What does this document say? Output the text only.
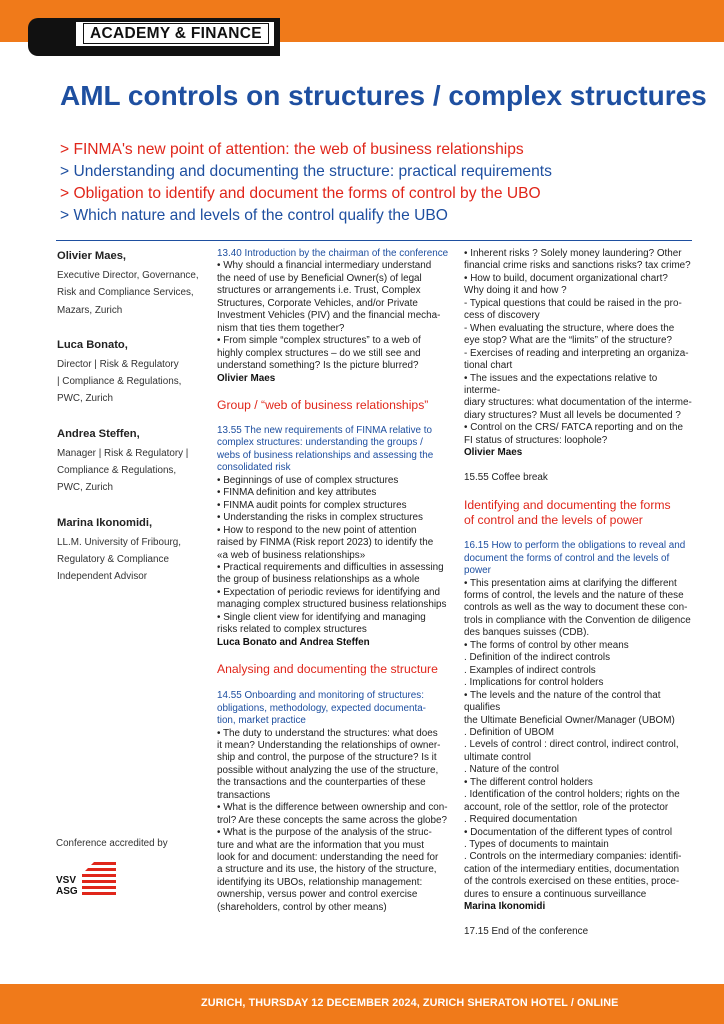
ACADEMY & FINANCE
AML controls on structures / complex structures
> FINMA's new point of attention: the web of business relationships
> Understanding and documenting the structure: practical requirements
> Obligation to identify and document the forms of control by the UBO
> Which nature and levels of the control qualify the UBO
Olivier Maes,
Executive Director, Governance,
Risk and Compliance Services,
Mazars, Zurich
Luca Bonato,
Director | Risk & Regulatory
| Compliance & Regulations,
PWC, Zurich
Andrea Steffen,
Manager | Risk & Regulatory |
Compliance & Regulations,
PWC, Zurich
Marina Ikonomidi,
LL.M. University of Fribourg,
Regulatory & Compliance
Independent Advisor
Conference accredited by
VSV
ASG

13.40 Introduction by the chairman of the conference

• Why should a financial intermediary understand

the need of use by Beneficial Owner(s) of legal

structures or arrangements i.e. Trust, Complex

Structures, Corporate Vehicles, and/or Private

Investment Vehicles (PIV) and the financial mecha-

nism that ties them together?

• From simple “complex structures” to a web of

highly complex structures – do we still see and

understand something? Is the picture blurred?

Olivier Maes

Group / “web of business relationships”

13.55 The new requirements of FINMA relative to

complex structures: understanding the groups /

webs of business relationships and assessing the

consolidated risk

• Beginnings of use of complex structures

• FINMA definition and key attributes

• FINMA audit points for complex structures

• Understanding the risks in complex structures

• How to respond to the new point of attention

raised by FINMA (Risk report 2023) to identify the

«a web of business relationships»

• Practical requirements and difficulties in assessing

the group of business relationships as a whole

• Expectation of periodic reviews for identifying and

managing complex structured business relationships

• Single client view for identifying and managing

risks related to complex structures

Luca Bonato and Andrea Steffen

Analysing and documenting the structure

14.55 Onboarding and monitoring of structures:

obligations, methodology, expected documenta-

tion, market practice

• The duty to understand the structures: what does

it mean? Understanding the relationships of owner-

ship and control, the purpose of the structure? Is it

possible without analyzing the use of the structure,

the transactions and the counterparties of these

transactions

• What is the difference between ownership and con-

trol? Are these concepts the same across the globe?

• What is the purpose of the analysis of the struc-

ture and what are the information that you must

look for and document: understanding the need for

a structure and its use, the history of the structure,

identifying its UBOs, relationship management:

ownership, versus power and control exercise

(shareholders, control by other means)

• Inherent risks ? Solely money laundering? Other

financial crime risks and sanctions risks? tax crime?

• How to build, document organizational chart?

Why doing it and how ?

- Typical questions that could be raised in the pro-

cess of discovery

- When evaluating the structure, where does the

eye stop? What are the “limits” of the structure?

- Exercises of reading and interpreting an organiza-

tional chart

• The issues and the expectations relative to interme-

diary structures: what documentation of the interme-

diary structures? Must all levels be documented ?

• Control on the CRS/ FATCA reporting and on the

FI status of structures: loophole?

Olivier Maes

15.55 Coffee break

Identifying and documenting the forms

of control and the levels of power

16.15 How to perform the obligations to reveal and

document the forms of control and the levels of

power

• This presentation aims at clarifying the different

forms of control, the levels and the nature of these

controls as well as the way to document these con-

trols in compliance with the Convention de diligence

des banques suisses (CDB).

• The forms of control by other means

. Definition of the indirect controls

. Examples of indirect controls

. Implications for control holders

• The levels and the nature of the control that qualifies

the Ultimate Beneficial Owner/Manager (UBOM)

. Definition of UBOM

. Levels of control : direct control, indirect control,

ultimate control

. Nature of the control

• The different control holders

. Identification of the control holders; rights on the

account, role of the settlor, role of the protector

. Required documentation

• Documentation of the different types of control

. Types of documents to maintain

. Controls on the intermediary companies: identifi-

cation of the intermediary entities, documentation

of the controls exercised on these entities, proce-

dures to ensure a continuous surveillance

Marina Ikonomidi

17.15 End of the conference

ZURICH, THURSDAY 12 DECEMBER 2024, ZURICH SHERATON HOTEL / ONLINE
